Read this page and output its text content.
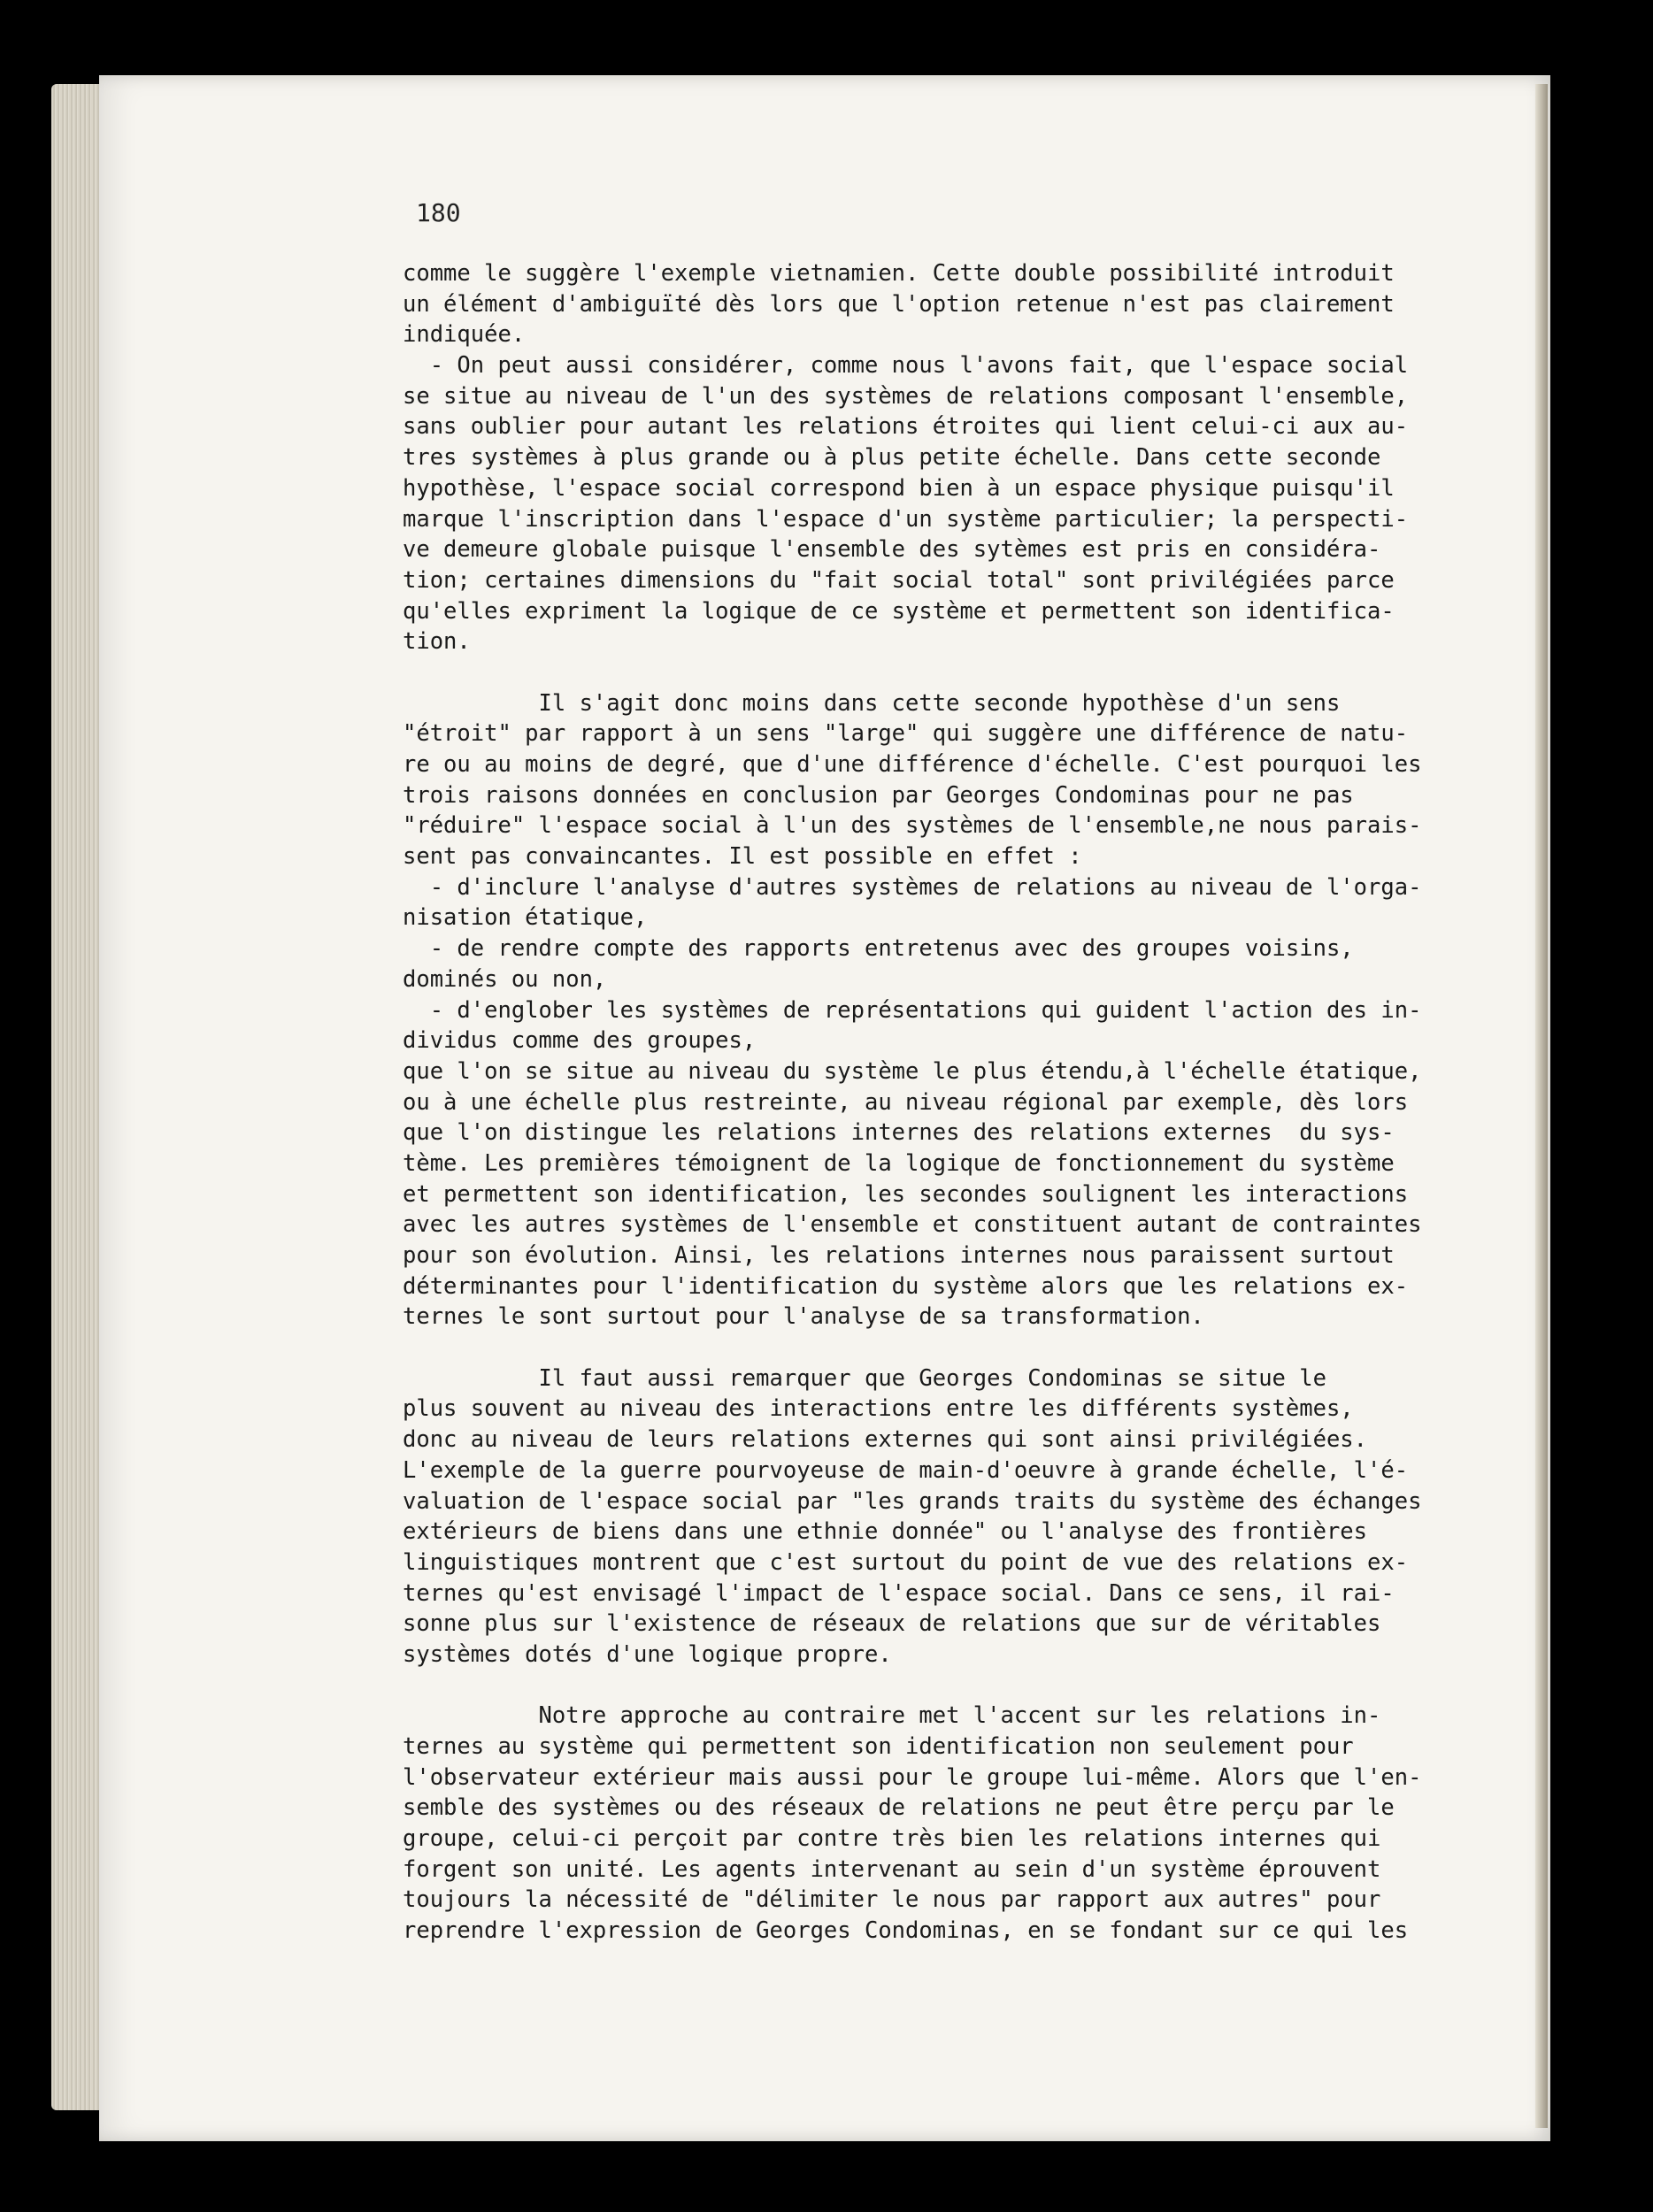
180

comme le suggère l'exemple vietnamien. Cette double possibilité introduit
un élément d'ambiguïté dès lors que l'option retenue n'est pas clairement
indiquée.
- On peut aussi considérer, comme nous l'avons fait, que l'espace social
se situe au niveau de l'un des systèmes de relations composant l'ensemble,
sans oublier pour autant les relations étroites qui lient celui-ci aux au-
tres systèmes à plus grande ou à plus petite échelle. Dans cette seconde
hypothèse, l'espace social correspond bien à un espace physique puisqu'il
marque l'inscription dans l'espace d'un système particulier; la perspecti-
ve demeure globale puisque l'ensemble des sytèmes est pris en considéra-
tion; certaines dimensions du "fait social total" sont privilégiées parce
qu'elles expriment la logique de ce système et permettent son identifica-
tion.
Il s'agit donc moins dans cette seconde hypothèse d'un sens
"étroit" par rapport à un sens "large" qui suggère une différence de natu-
re ou au moins de degré, que d'une différence d'échelle. C'est pourquoi les
trois raisons données en conclusion par Georges Condominas pour ne pas
"réduire" l'espace social à l'un des systèmes de l'ensemble,ne nous parais-
sent pas convaincantes. Il est possible en effet :
- d'inclure l'analyse d'autres systèmes de relations au niveau de l'orga-
nisation étatique,
- de rendre compte des rapports entretenus avec des groupes voisins,
dominés ou non,
- d'englober les systèmes de représentations qui guident l'action des in-
dividus comme des groupes,
que l'on se situe au niveau du système le plus étendu,à l'échelle étatique,
ou à une échelle plus restreinte, au niveau régional par exemple, dès lors
que l'on distingue les relations internes des relations externes  du sys-
tème. Les premières témoignent de la logique de fonctionnement du système
et permettent son identification, les secondes soulignent les interactions
avec les autres systèmes de l'ensemble et constituent autant de contraintes
pour son évolution. Ainsi, les relations internes nous paraissent surtout
déterminantes pour l'identification du système alors que les relations ex-
ternes le sont surtout pour l'analyse de sa transformation.
Il faut aussi remarquer que Georges Condominas se situe le
plus souvent au niveau des interactions entre les différents systèmes,
donc au niveau de leurs relations externes qui sont ainsi privilégiées.
L'exemple de la guerre pourvoyeuse de main-d'oeuvre à grande échelle, l'é-
valuation de l'espace social par "les grands traits du système des échanges
extérieurs de biens dans une ethnie donnée" ou l'analyse des frontières
linguistiques montrent que c'est surtout du point de vue des relations ex-
ternes qu'est envisagé l'impact de l'espace social. Dans ce sens, il rai-
sonne plus sur l'existence de réseaux de relations que sur de véritables
systèmes dotés d'une logique propre.
Notre approche au contraire met l'accent sur les relations in-
ternes au système qui permettent son identification non seulement pour
l'observateur extérieur mais aussi pour le groupe lui-même. Alors que l'en-
semble des systèmes ou des réseaux de relations ne peut être perçu par le
groupe, celui-ci perçoit par contre très bien les relations internes qui
forgent son unité. Les agents intervenant au sein d'un système éprouvent
toujours la nécessité de "délimiter le nous par rapport aux autres" pour
reprendre l'expression de Georges Condominas, en se fondant sur ce qui les
